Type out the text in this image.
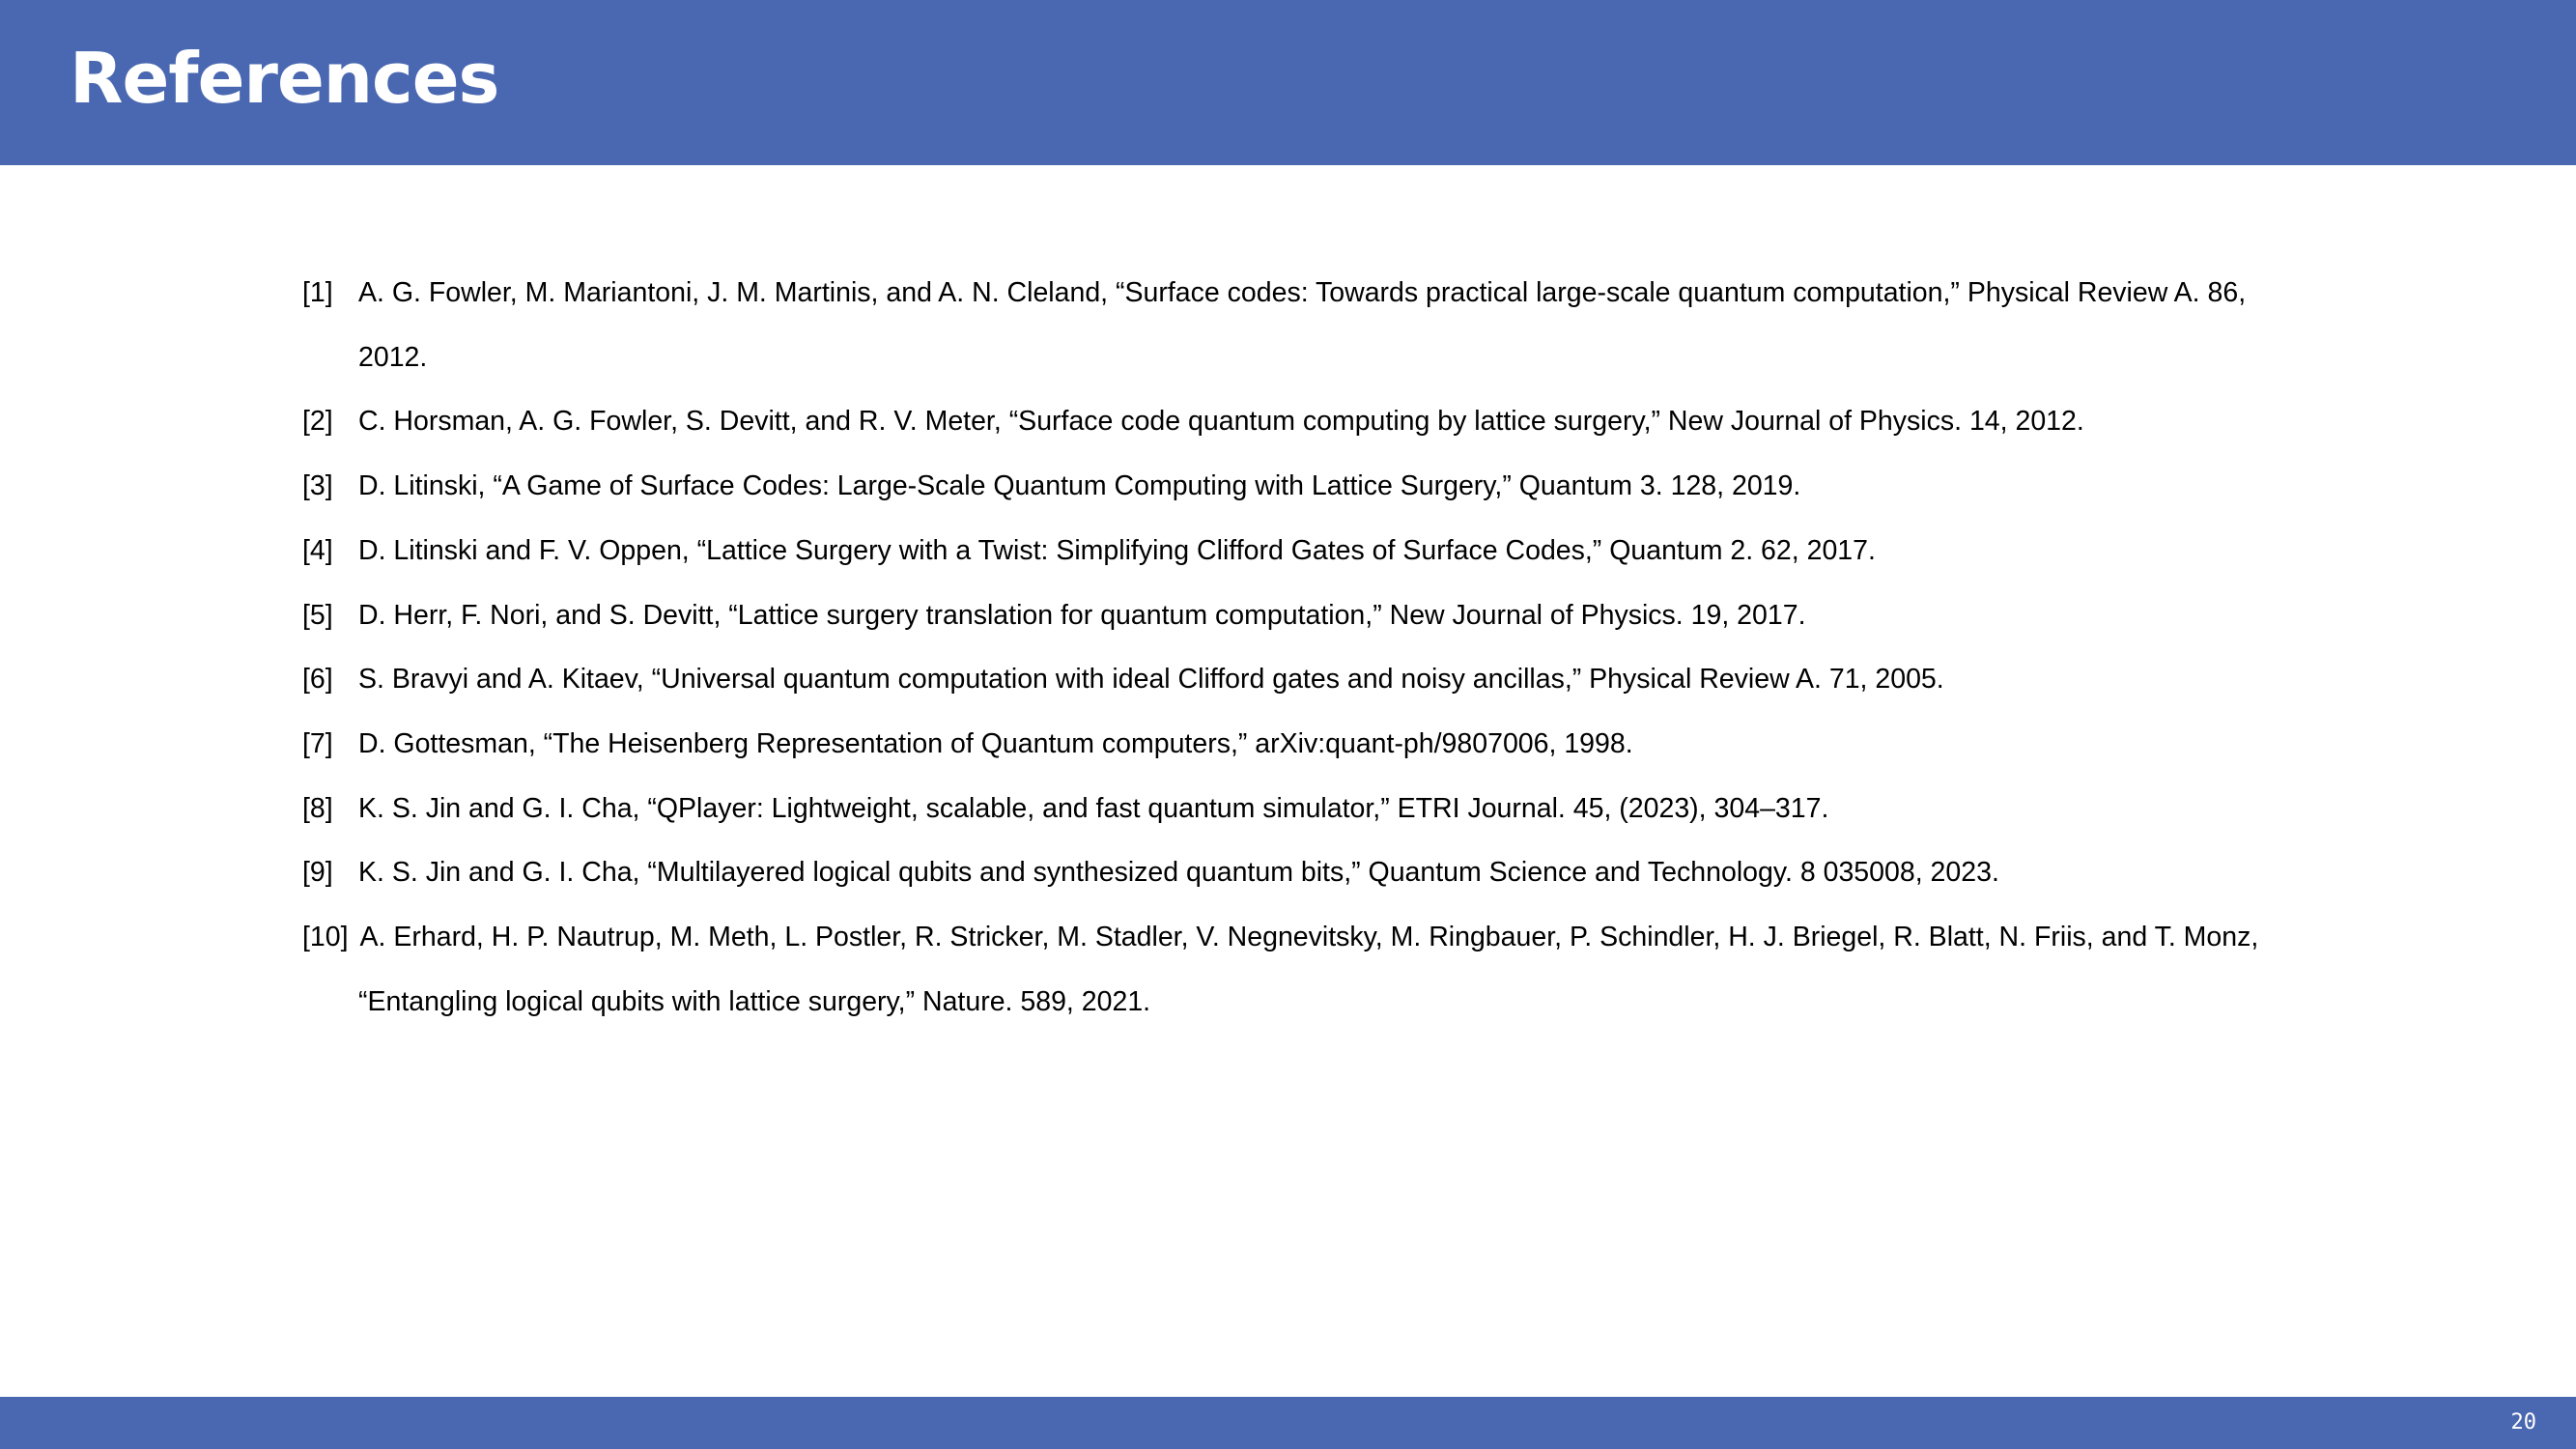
References
[1] A. G. Fowler, M. Mariantoni, J. M. Martinis, and A. N. Cleland, “Surface codes: Towards practical large-scale quantum computation,” Physical Review A. 86, 2012.
[2] C. Horsman, A. G. Fowler, S. Devitt, and R. V. Meter, “Surface code quantum computing by lattice surgery,” New Journal of Physics. 14, 2012.
[3] D. Litinski, “A Game of Surface Codes: Large-Scale Quantum Computing with Lattice Surgery,” Quantum 3. 128, 2019.
[4] D. Litinski and F. V. Oppen, “Lattice Surgery with a Twist: Simplifying Clifford Gates of Surface Codes,” Quantum 2. 62, 2017.
[5] D. Herr, F. Nori, and S. Devitt, “Lattice surgery translation for quantum computation,” New Journal of Physics. 19, 2017.
[6] S. Bravyi and A. Kitaev, “Universal quantum computation with ideal Clifford gates and noisy ancillas,” Physical Review A. 71, 2005.
[7] D. Gottesman, “The Heisenberg Representation of Quantum computers,” arXiv:quant-ph/9807006, 1998.
[8] K. S. Jin and G. I. Cha, “QPlayer: Lightweight, scalable, and fast quantum simulator,” ETRI Journal. 45, (2023), 304–317.
[9] K. S. Jin and G. I. Cha, “Multilayered logical qubits and synthesized quantum bits,” Quantum Science and Technology. 8 035008, 2023.
[10] A. Erhard, H. P. Nautrup, M. Meth, L. Postler, R. Stricker, M. Stadler, V. Negnevitsky, M. Ringbauer, P. Schindler, H. J. Briegel, R. Blatt, N. Friis, and T. Monz, “Entangling logical qubits with lattice surgery,” Nature. 589, 2021.
20
